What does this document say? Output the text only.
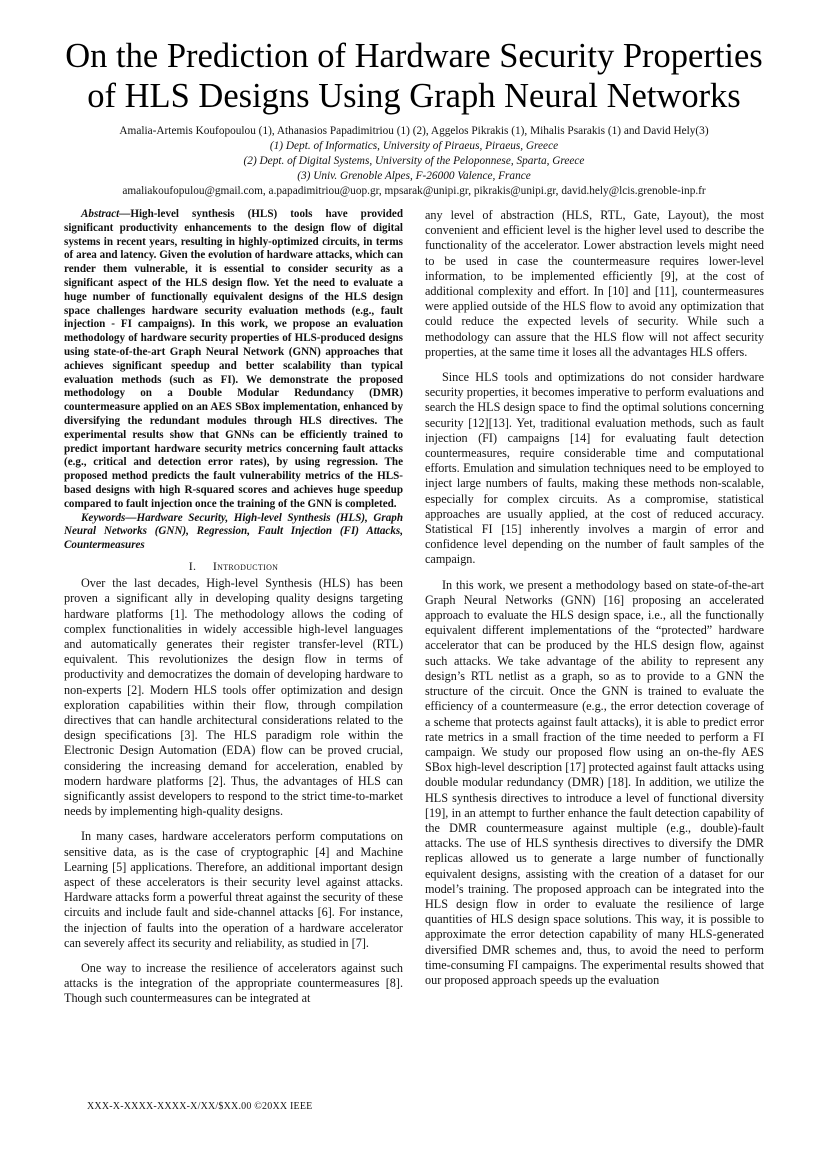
On the Prediction of Hardware Security Properties
of HLS Designs Using Graph Neural Networks
Amalia-Artemis Koufopoulou (1), Athanasios Papadimitriou (1) (2), Aggelos Pikrakis (1), Mihalis Psarakis (1) and David Hely(3)
(1) Dept. of Informatics, University of Piraeus, Piraeus, Greece
(2) Dept. of Digital Systems, University of the Peloponnese, Sparta, Greece
(3) Univ. Grenoble Alpes, F-26000 Valence, France
amaliakoufopulou@gmail.com, a.papadimitriou@uop.gr, mpsarak@unipi.gr, pikrakis@unipi.gr, david.hely@lcis.grenoble-inp.fr
Abstract—High-level synthesis (HLS) tools have provided significant productivity enhancements to the design flow of digital systems in recent years, resulting in highly-optimized circuits, in terms of area and latency. Given the evolution of hardware attacks, which can render them vulnerable, it is essential to consider security as a significant aspect of the HLS design flow. Yet the need to evaluate a huge number of functionally equivalent designs of the HLS design space challenges hardware security evaluation methods (e.g., fault injection - FI campaigns). In this work, we propose an evaluation methodology of hardware security properties of HLS-produced designs using state-of-the-art Graph Neural Network (GNN) approaches that achieves significant speedup and better scalability than typical evaluation methods (such as FI). We demonstrate the proposed methodology on a Double Modular Redundancy (DMR) countermeasure applied on an AES SBox implementation, enhanced by diversifying the redundant modules through HLS directives. The experimental results show that GNNs can be efficiently trained to predict important hardware security metrics concerning fault attacks (e.g., critical and detection error rates), by using regression. The proposed method predicts the fault vulnerability metrics of the HLS-based designs with high R-squared scores and achieves huge speedup compared to fault injection once the training of the GNN is completed.
Keywords—Hardware Security, High-level Synthesis (HLS), Graph Neural Networks (GNN), Regression, Fault Injection (FI) Attacks, Countermeasures
I. Introduction

Over the last decades, High-level Synthesis (HLS) has been proven a significant ally in developing quality designs targeting hardware platforms [1]. The methodology allows the coding of complex functionalities in widely accessible high-level languages and automatically generates their register transfer-level (RTL) equivalent. This revolutionizes the design flow in terms of productivity and democratizes the domain of developing hardware to non-experts [2]. Modern HLS tools offer optimization and design exploration capabilities within their flow, through compilation directives that can handle architectural considerations related to the design specifications [3]. The HLS paradigm role within the Electronic Design Automation (EDA) flow can be proved crucial, considering the increasing demand for acceleration, enabled by modern hardware platforms [2]. Thus, the advantages of HLS can significantly assist developers to respond to the strict time-to-market needs by implementing high-quality designs.

In many cases, hardware accelerators perform computations on sensitive data, as is the case of cryptographic [4] and Machine Learning [5] applications. Therefore, an additional important design aspect of these accelerators is their security level against attacks. Hardware attacks form a powerful threat against the security of these circuits and include fault and side-channel attacks [6]. For instance, the injection of faults into the operation of a hardware accelerator can severely affect its security and reliability, as studied in [7].

One way to increase the resilience of accelerators against such attacks is the integration of the appropriate countermeasures [8]. Though such countermeasures can be integrated at

any level of abstraction (HLS, RTL, Gate, Layout), the most convenient and efficient level is the higher level used to describe the functionality of the accelerator. Lower abstraction levels might need to be used in case the countermeasure requires lower-level information, to be implemented efficiently [9], at the cost of additional complexity and effort. In [10] and [11], countermeasures were applied outside of the HLS flow to avoid any optimization that could reduce the expected levels of security. While such a methodology can assure that the HLS flow will not affect security properties, at the same time it loses all the advantages HLS offers.

Since HLS tools and optimizations do not consider hardware security properties, it becomes imperative to perform evaluations and search the HLS design space to find the optimal solutions concerning security [12][13]. Yet, traditional evaluation methods, such as fault injection (FI) campaigns [14] for evaluating fault detection countermeasures, require considerable time and computational efforts. Emulation and simulation techniques need to be employed to inject large numbers of faults, making these methods non-scalable, especially for complex circuits. As a compromise, statistical approaches are usually applied, at the cost of reduced accuracy. Statistical FI [15] inherently involves a margin of error and confidence level depending on the number of fault samples of the campaign.

In this work, we present a methodology based on state-of-the-art Graph Neural Networks (GNN) [16] proposing an accelerated approach to evaluate the HLS design space, i.e., all the functionally equivalent different implementations of the “protected” hardware accelerator that can be produced by the HLS design flow, against such attacks. We take advantage of the ability to represent any design’s RTL netlist as a graph, so as to provide to a GNN the structure of the circuit. Once the GNN is trained to evaluate the efficiency of a countermeasure (e.g., the error detection coverage of a scheme that protects against fault attacks), it is able to predict error rate metrics in a small fraction of the time needed to perform a FI campaign. We study our proposed flow using an on-the-fly AES SBox high-level description [17] protected against fault attacks using double modular redundancy (DMR) [18]. In addition, we utilize the HLS synthesis directives to introduce a level of functional diversity [19], in an attempt to further enhance the fault detection capability of the DMR countermeasure against multiple (e.g., double)-fault attacks. The use of HLS synthesis directives to diversify the DMR replicas allowed us to generate a large number of functionally equivalent designs, assisting with the creation of a dataset for our model’s training. The proposed approach can be integrated into the HLS design flow in order to evaluate the resilience of large quantities of HLS design space solutions. This way, it is possible to approximate the error detection capability of many HLS-generated diversified DMR schemes and, thus, to avoid the need to perform time-consuming FI campaigns. The experimental results showed that our proposed approach speeds up the evaluation

XXX-X-XXXX-XXXX-X/XX/$XX.00 ©20XX IEEE
